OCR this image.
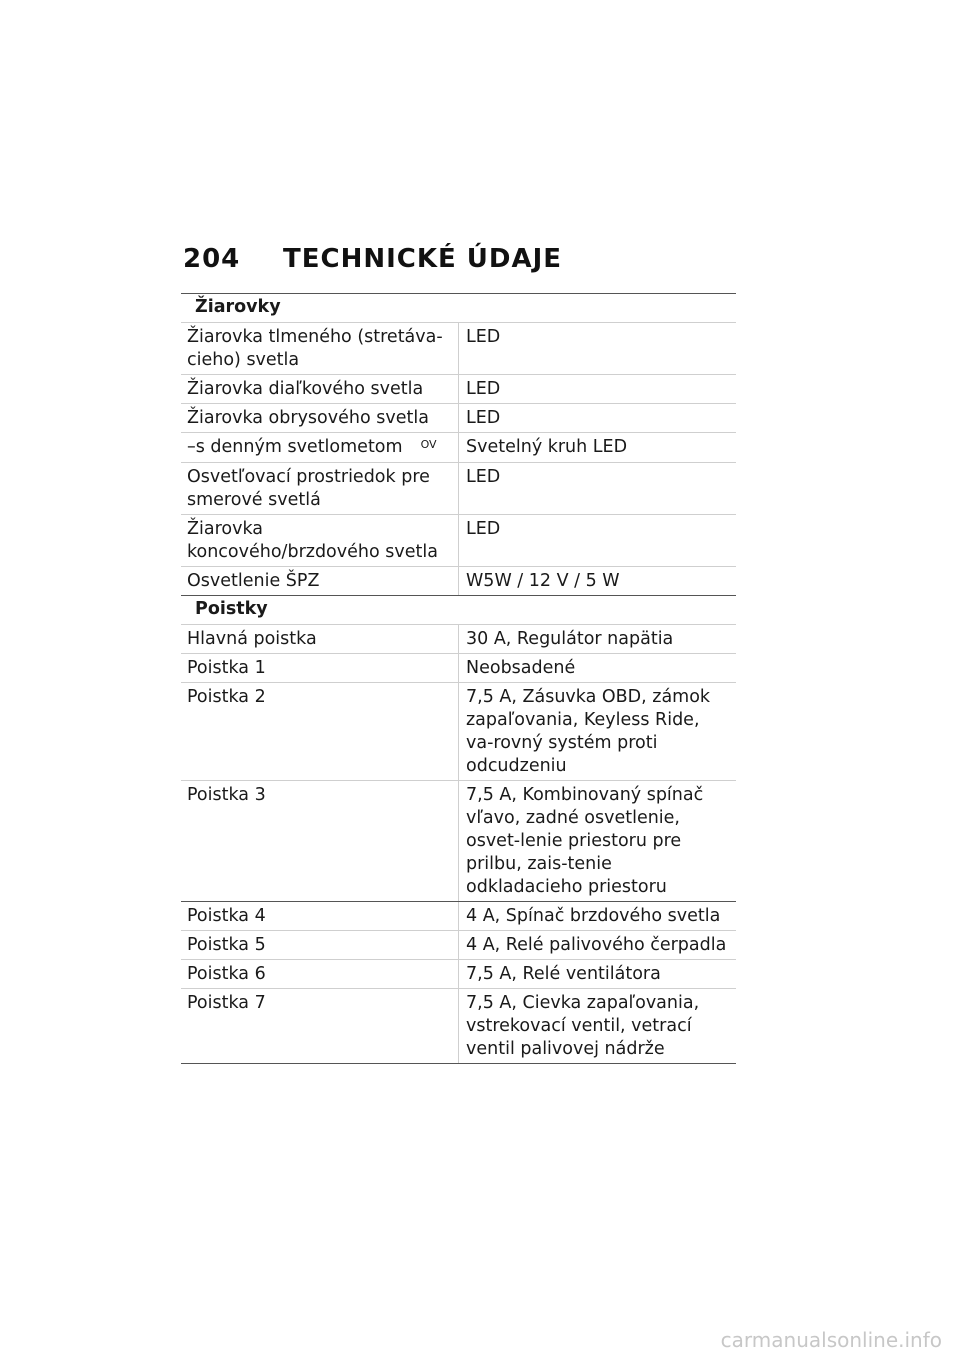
204	TECHNICKÉ ÚDAJE
Žiarovky	
Žiarovka tlmeného (stretáva-cieho) svetla	LED
Žiarovka diaľkového svetla	LED
Žiarovka obrysového svetla	LED
–s denným svetlometom $^{OV}$	Svetelný kruh LED
Osvetľovací prostriedok pre smerové svetlá	LED
Žiarovka koncového/brzdového svetla	LED
Osvetlenie ŠPZ	W5W / 12 V / 5 W
Poistky	
Hlavná poistka	30 A, Regulátor napätia
Poistka 1	Neobsadené
Poistka 2	7,5 A, Zásuvka OBD, zámok zapaľovania, Keyless Ride, va-rovný systém proti odcudzeniu
Poistka 3	7,5 A, Kombinovaný spínač vľavo, zadné osvetlenie, osvet-lenie priestoru pre prilbu, zais-tenie odkladacieho priestoru
Poistka 4	4 A, Spínač brzdového svetla
Poistka 5	4 A, Relé palivového čerpadla
Poistka 6	7,5 A, Relé ventilátora
Poistka 7	7,5 A, Cievka zapaľovania, vstrekovací ventil, vetrací ventil palivovej nádrže
carmanualsonline.info
